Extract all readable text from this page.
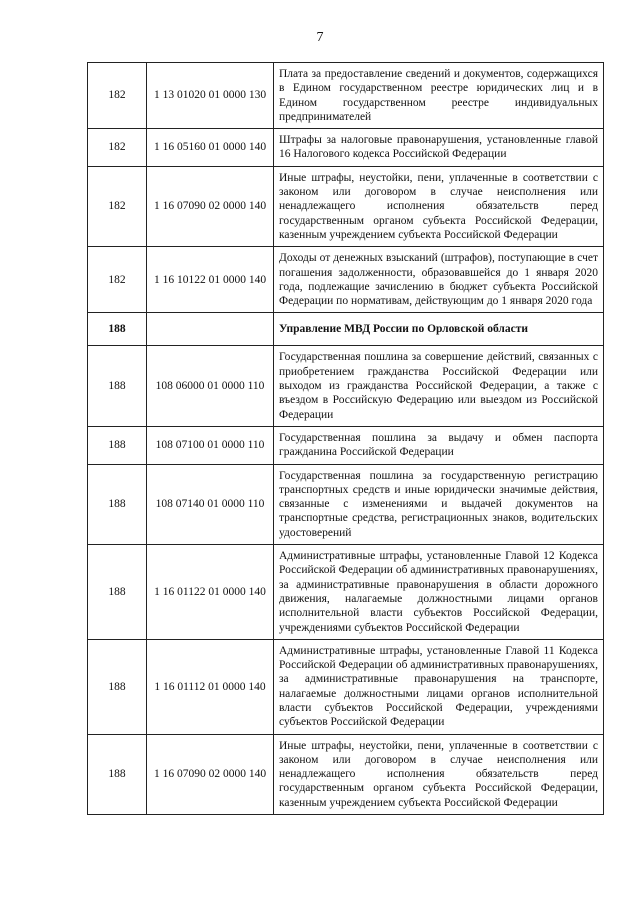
7
182	1 13 01020 01 0000 130	Плата за предоставление сведений и документов, содержащихся в Едином государственном реестре юридических лиц и в Едином государственном реестре индивидуальных предпринимателей
182	1 16 05160 01 0000 140	Штрафы за налоговые правонарушения, установленные главой 16 Налогового кодекса Российской Федерации
182	1 16 07090 02 0000 140	Иные штрафы, неустойки, пени, уплаченные в соответствии с законом или договором в случае неисполнения или ненадлежащего исполнения обязательств перед государственным органом субъекта Российской Федерации, казенным учреждением субъекта Российской Федерации
182	1 16 10122 01 0000 140	Доходы от денежных взысканий (штрафов), поступающие в счет погашения задолженности, образовавшейся до 1 января 2020 года, подлежащие зачислению в бюджет субъекта Российской Федерации по нормативам, действующим до 1 января 2020 года
188		Управление МВД России по Орловской области
188	108 06000 01 0000 110	Государственная пошлина за совершение действий, связанных с приобретением гражданства Российской Федерации или выходом из гражданства Российской Федерации, а также с въездом в Российскую Федерацию или выездом из Российской Федерации
188	108 07100 01 0000 110	Государственная пошлина за выдачу и обмен паспорта гражданина Российской Федерации
188	108 07140 01 0000 110	Государственная пошлина за государственную регистрацию транспортных средств и иные юридически значимые действия, связанные с изменениями и выдачей документов на транспортные средства, регистрационных знаков, водительских удостоверений
188	1 16 01122 01 0000 140	Административные штрафы, установленные Главой 12 Кодекса Российской Федерации об административных правонарушениях, за административные правонарушения в области дорожного движения, налагаемые должностными лицами органов исполнительной власти субъектов Российской Федерации, учреждениями субъектов Российской Федерации
188	1 16 01112 01 0000 140	Административные штрафы, установленные Главой 11 Кодекса Российской Федерации об административных правонарушениях, за административные правонарушения на транспорте, налагаемые должностными лицами органов исполнительной власти субъектов Российской Федерации, учреждениями субъектов Российской Федерации
188	1 16 07090 02 0000 140	Иные штрафы, неустойки, пени, уплаченные в соответствии с законом или договором в случае неисполнения или ненадлежащего исполнения обязательств перед государственным органом субъекта Российской Федерации, казенным учреждением субъекта Российской Федерации
